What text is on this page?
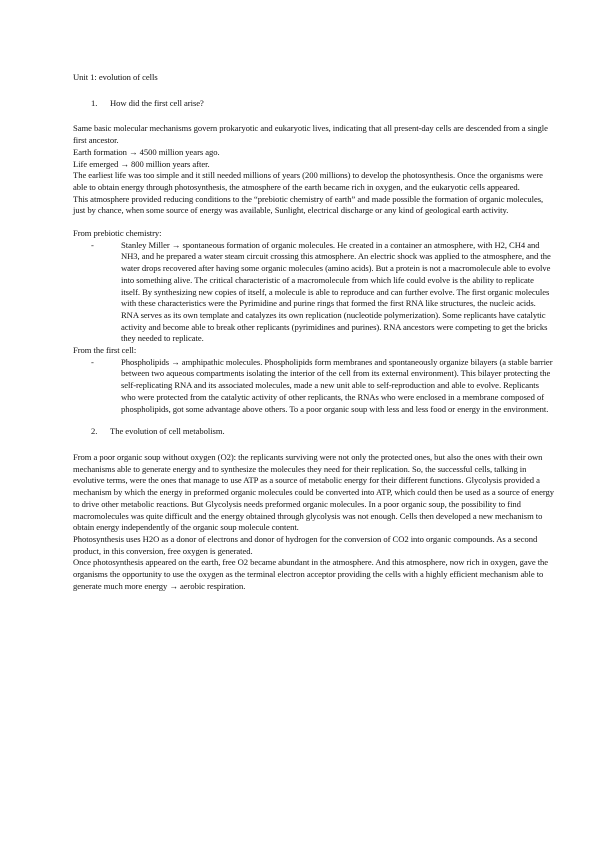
Unit 1: evolution of cells
1.	How did the first cell arise?

Same basic molecular mechanisms govern prokaryotic and eukaryotic lives, indicating that all present-day cells are descended from a single first ancestor.

Earth formation → 4500 million years ago.

Life emerged → 800 million years after.

The earliest life was too simple and it still needed millions of years (200 millions) to develop the photosynthesis. Once the organisms were able to obtain energy through photosynthesis, the atmosphere of the earth became rich in oxygen, and the eukaryotic cells appeared.

This atmosphere provided reducing conditions to the “prebiotic chemistry of earth” and made possible the formation of organic molecules, just by chance, when some source of energy was available, Sunlight, electrical discharge or any kind of geological earth activity.

From prebiotic chemistry:

-	Stanley Miller → spontaneous formation of organic molecules. He created in a container an atmosphere, with H2, CH4 and NH3, and he prepared a water steam circuit crossing this atmosphere. An electric shock was applied to the atmosphere, and the water drops recovered after having some organic molecules (amino acids). But a protein is not a macromolecule able to evolve into something alive. The critical characteristic of a macromolecule from which life could evolve is the ability to replicate itself. By synthesizing new copies of itself, a molecule is able to reproduce and can further evolve. The first organic molecules with these characteristics were the Pyrimidine and purine rings that formed the first RNA like structures, the nucleic acids. RNA serves as its own template and catalyzes its own replication (nucleotide polymerization). Some replicants have catalytic activity and become able to break other replicants (pyrimidines and purines). RNA ancestors were competing to get the bricks they needed to replicate.

From the first cell:

-	Phospholipids → amphipathic molecules. Phospholipids form membranes and spontaneously organize bilayers (a stable barrier between two aqueous compartments isolating the interior of the cell from its external environment). This bilayer protecting the self-replicating RNA and its associated molecules, made a new unit able to self-reproduction and able to evolve. Replicants who were protected from the catalytic activity of other replicants, the RNAs who were enclosed in a membrane composed of phospholipids, got some advantage above others. To a poor organic soup with less and less food or energy in the environment.
2.	The evolution of cell metabolism.

From a poor organic soup without oxygen (O2): the replicants surviving were not only the protected ones, but also the ones with their own mechanisms able to generate energy and to synthesize the molecules they need for their replication. So, the successful cells, talking in evolutive terms, were the ones that manage to use ATP as a source of metabolic energy for their different functions. Glycolysis provided a mechanism by which the energy in preformed organic molecules could be converted into ATP, which could then be used as a source of energy to drive other metabolic reactions. But Glycolysis needs preformed organic molecules. In a poor organic soup, the possibility to find macromolecules was quite difficult and the energy obtained through glycolysis was not enough. Cells then developed a new mechanism to obtain energy independently of the organic soup molecule content.

Photosynthesis uses H2O as a donor of electrons and donor of hydrogen for the conversion of CO2 into organic compounds. As a second product, in this conversion, free oxygen is generated.

Once photosynthesis appeared on the earth, free O2 became abundant in the atmosphere. And this atmosphere, now rich in oxygen, gave the organisms the opportunity to use the oxygen as the terminal electron acceptor providing the cells with a highly efficient mechanism able to generate much more energy → aerobic respiration.
